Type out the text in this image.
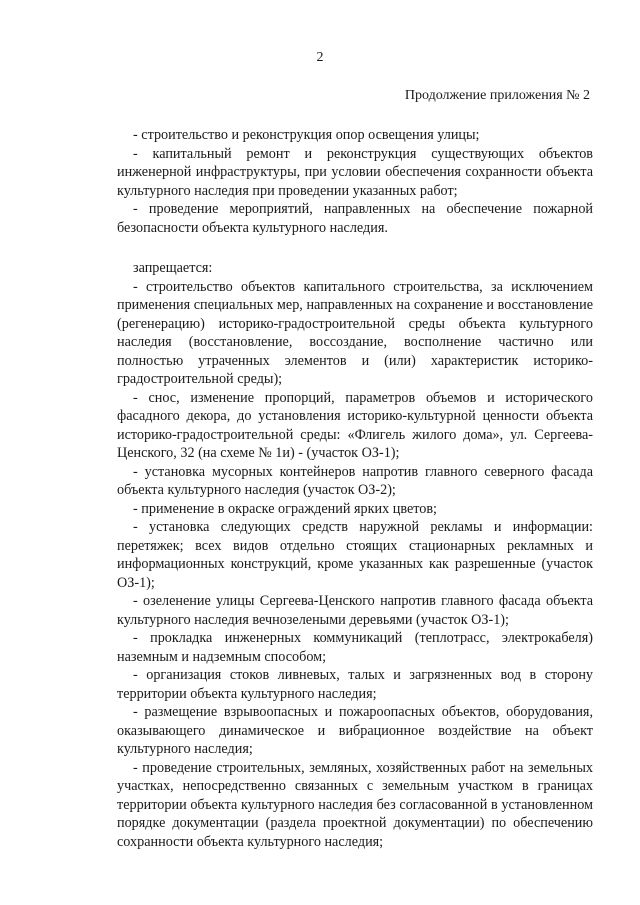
2
Продолжение приложения № 2

- строительство и реконструкция опор освещения улицы;

- капитальный ремонт и реконструкция существующих объектов инженерной инфраструктуры, при условии обеспечения сохранности объекта культурного наследия при проведении указанных работ;

- проведение мероприятий, направленных на обеспечение пожарной безопасности объекта культурного наследия.

запрещается:

- строительство объектов капитального строительства, за исключением применения специальных мер, направленных на сохранение и восстановление (регенерацию) историко-градостроительной среды объекта культурного наследия (восстановление, воссоздание, восполнение частично или полностью утраченных элементов и (или) характеристик историко-градостроительной среды);

- снос, изменение пропорций, параметров объемов и исторического фасадного декора, до установления историко-культурной ценности объекта историко-градостроительной среды: «Флигель жилого дома», ул. Сергеева-Ценского, 32 (на схеме № 1и) - (участок ОЗ-1);

- установка мусорных контейнеров напротив главного северного фасада объекта культурного наследия (участок ОЗ-2);

- применение в окраске ограждений ярких цветов;

- установка следующих средств наружной рекламы и информации: перетяжек; всех видов отдельно стоящих стационарных рекламных и информационных конструкций, кроме указанных как разрешенные (участок ОЗ-1);

- озеленение улицы Сергеева-Ценского напротив главного фасада объекта культурного наследия вечнозелеными деревьями (участок ОЗ-1);

- прокладка инженерных коммуникаций (теплотрасс, электрокабеля) наземным и надземным способом;

- организация стоков ливневых, талых и загрязненных вод в сторону территории объекта культурного наследия;

- размещение взрывоопасных и пожароопасных объектов, оборудования, оказывающего динамическое и вибрационное воздействие на объект культурного наследия;

- проведение строительных, земляных, хозяйственных работ на земельных участках, непосредственно связанных с земельным участком в границах территории объекта культурного наследия без согласованной в установленном порядке документации (раздела проектной документации) по обеспечению сохранности объекта культурного наследия;
